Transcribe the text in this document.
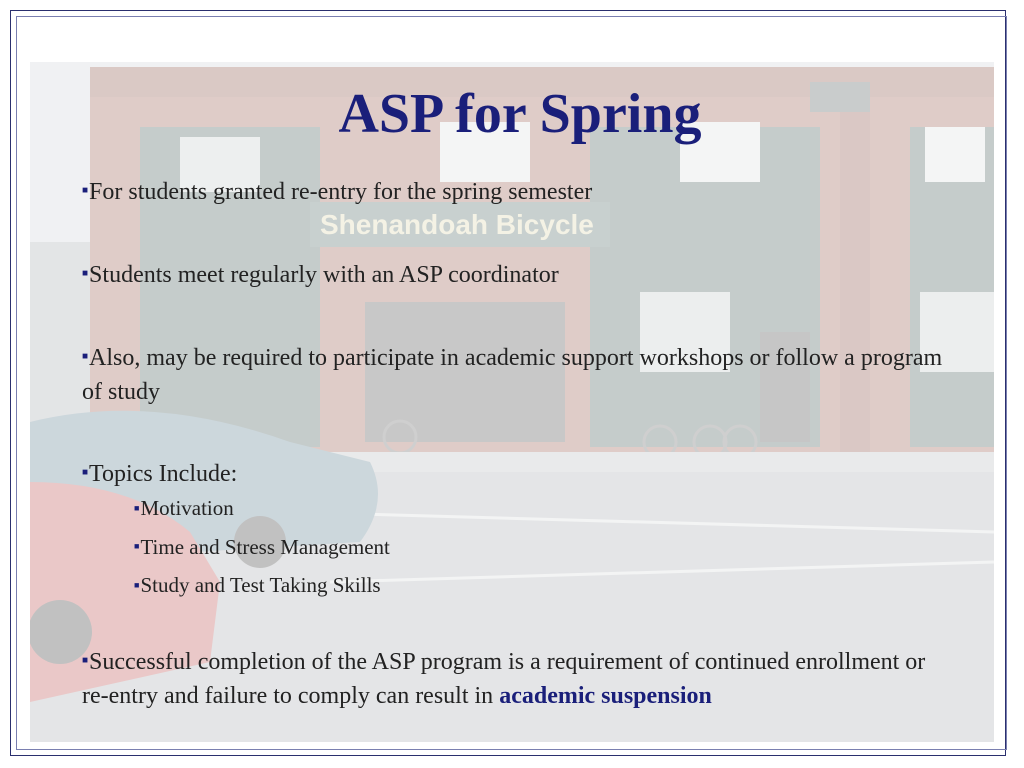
ASP for Spring

■For students granted re-entry for the spring semester

■Students meet regularly with an ASP coordinator

■Also, may be required to participate in academic support workshops or follow a program of study

■Topics Include:

■Motivation
■Time and Stress Management
■Study and Test Taking Skills

■Successful completion of the ASP program is a requirement of continued enrollment or re-entry and failure to comply can result in academic suspension
